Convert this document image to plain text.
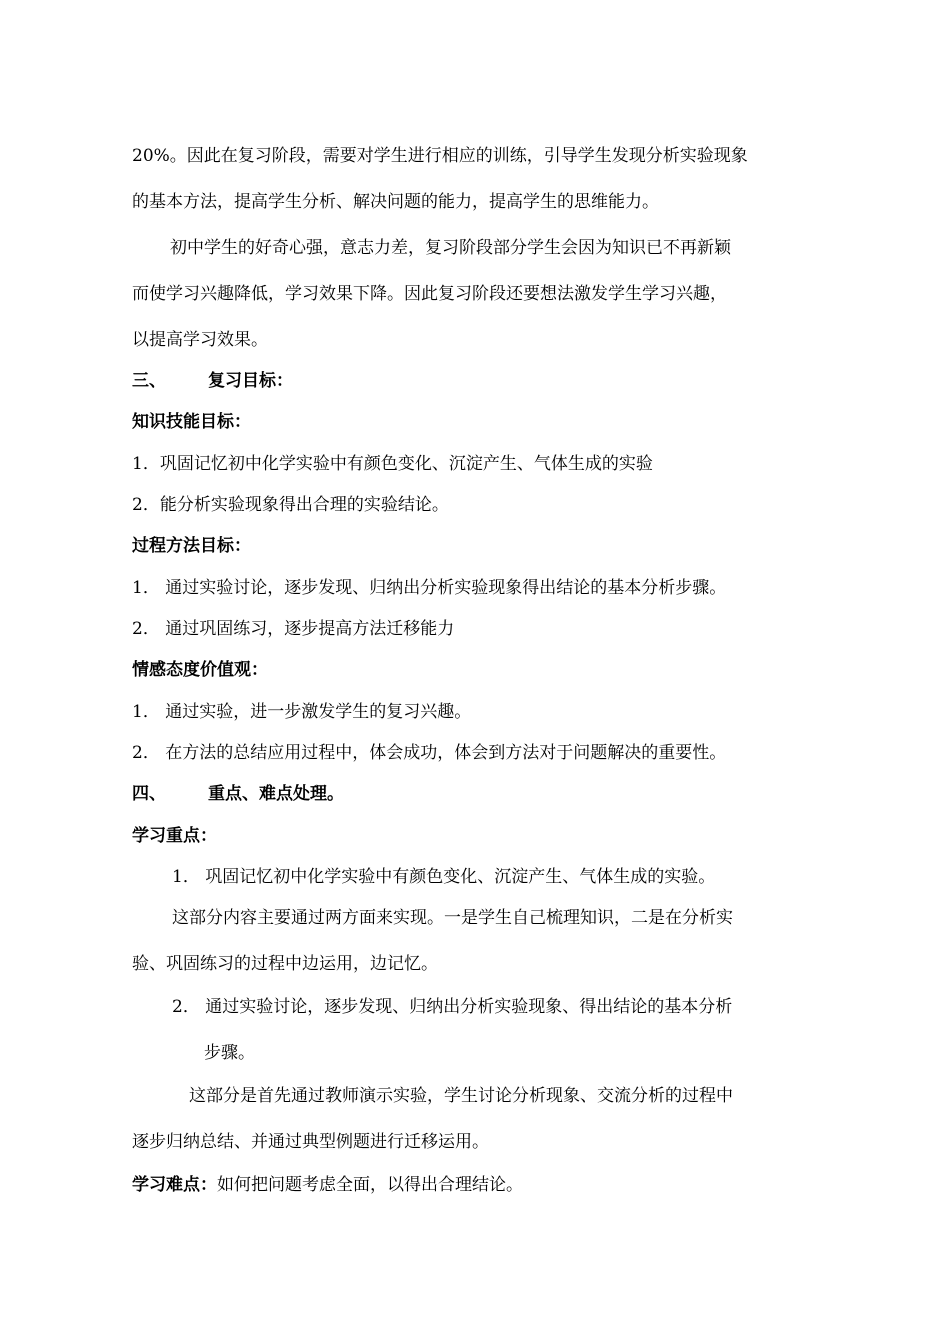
20%。因此在复习阶段，需要对学生进行相应的训练，引导学生发现分析实验现象
的基本方法，提高学生分析、解决问题的能力，提高学生的思维能力。
初中学生的好奇心强，意志力差，复习阶段部分学生会因为知识已不再新颖
而使学习兴趣降低，学习效果下降。因此复习阶段还要想法激发学生学习兴趣，
以提高学习效果。
三、 复习目标：
知识技能目标：
1．巩固记忆初中化学实验中有颜色变化、沉淀产生、气体生成的实验
2．能分析实验现象得出合理的实验结论。
过程方法目标：
1． 通过实验讨论，逐步发现、归纳出分析实验现象得出结论的基本分析步骤。
2． 通过巩固练习，逐步提高方法迁移能力
情感态度价值观：
1． 通过实验，进一步激发学生的复习兴趣。
2． 在方法的总结应用过程中，体会成功，体会到方法对于问题解决的重要性。
四、 重点、难点处理。
学习重点：
1． 巩固记忆初中化学实验中有颜色变化、沉淀产生、气体生成的实验。
这部分内容主要通过两方面来实现。一是学生自己梳理知识，二是在分析实
验、巩固练习的过程中边运用，边记忆。
2． 通过实验讨论，逐步发现、归纳出分析实验现象、得出结论的基本分析
步骤。
这部分是首先通过教师演示实验，学生讨论分析现象、交流分析的过程中
逐步归纳总结、并通过典型例题进行迁移运用。
学习难点：如何把问题考虑全面，以得出合理结论。
